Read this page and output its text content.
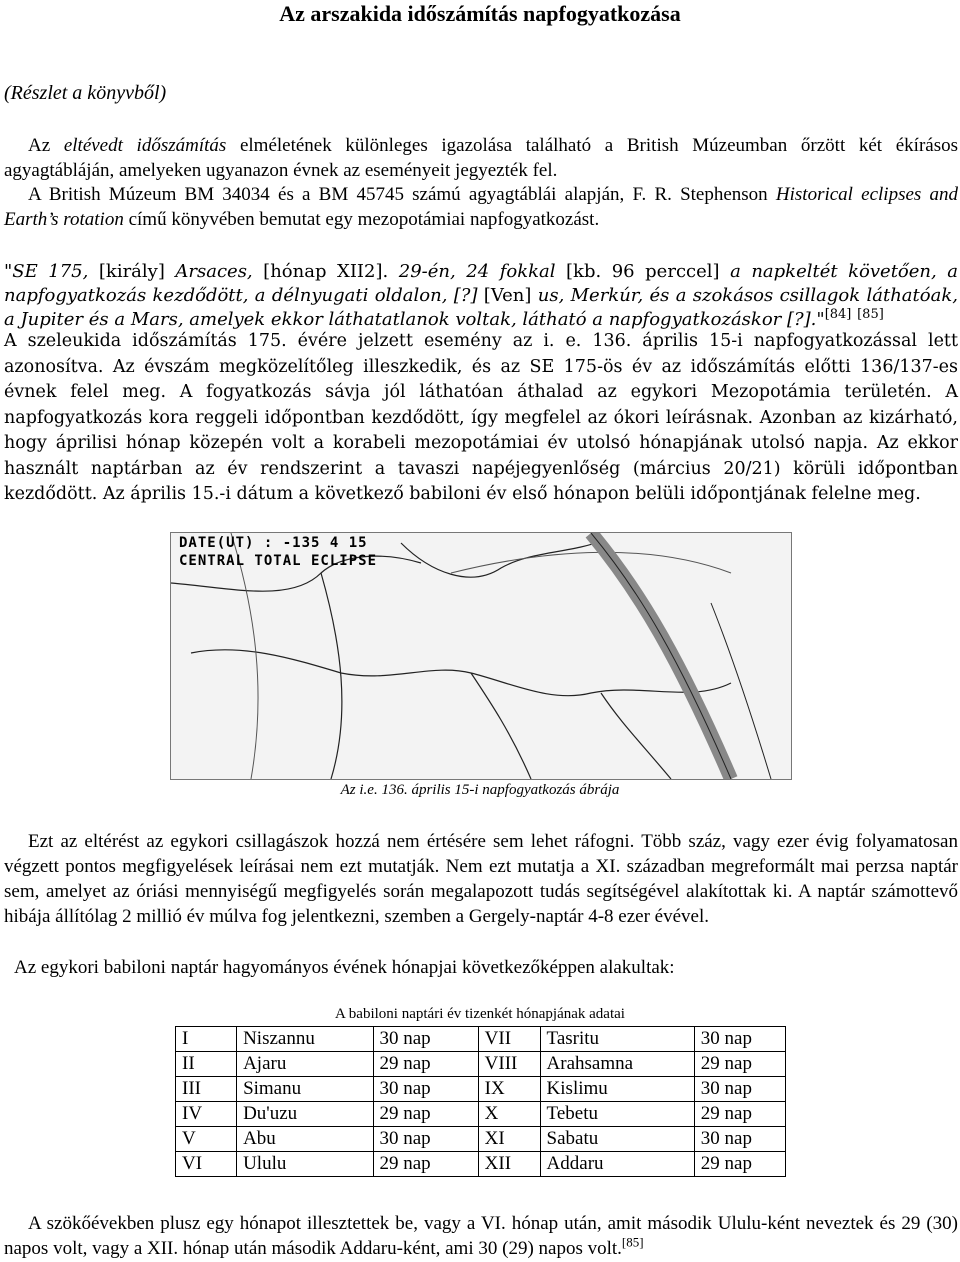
Az arszakida időszámítás napfogyatkozása
(Részlet a könyvből)

Az eltévedt időszámítás elméletének különleges igazolása található a British Múzeumban őrzött két ékírásos agyagtábláján, amelyeken ugyanazon évnek az eseményeit jegyezték fel.

A British Múzeum BM 34034 és a BM 45745 számú agyagtáblái alapján, F. R. Stephenson Historical eclipses and Earth’s rotation című könyvében bemutat egy mezopotámiai napfogyatkozást.

"SE 175, [király] Arsaces, [hónap XII2]. 29-én, 24 fokkal [kb. 96 perccel] a napkeltét követően, a napfogyatkozás kezdődött, a délnyugati oldalon, [?] [Ven] us, Merkúr, és a szokásos csillagok láthatóak, a Jupiter és a Mars, amelyek ekkor láthatatlanok voltak, látható a napfogyatkozáskor [?]."[84] [85]

A szeleukida időszámítás 175. évére jelzett esemény az i. e. 136. április 15-i napfogyatkozással lett azonosítva. Az évszám megközelítőleg illeszkedik, és az SE 175-ös év az időszámítás előtti 136/137-es évnek felel meg. A fogyatkozás sávja jól láthatóan áthalad az egykori Mezopotámia területén. A napfogyatkozás kora reggeli időpontban kezdődött, így megfelel az ókori leírásnak. Azonban az kizárható, hogy áprilisi hónap közepén volt a korabeli mezopotámiai év utolsó hónapjának utolsó napja. Az ekkor használt naptárban az év rendszerint a tavaszi napéjegyenlőség (március 20/21) körüli időpontban kezdődött. Az április 15.-i dátum a következő babiloni év első hónapon belüli időpontjának felelne meg.

DATE(UT) : -135 4 15
CENTRAL TOTAL ECLIPSE
Az i.e. 136. április 15-i napfogyatkozás ábrája

Ezt az eltérést az egykori csillagászok hozzá nem értésére sem lehet ráfogni. Több száz, vagy ezer évig folyamatosan végzett pontos megfigyelések leírásai nem ezt mutatják. Nem ezt mutatja a XI. században megreformált mai perzsa naptár sem, amelyet az óriási mennyiségű megfigyelés során megalapozott tudás segítségével alakítottak ki. A naptár számottevő hibája állítólag 2 millió év múlva fog jelentkezni, szemben a Gergely-naptár 4-8 ezer évével.

Az egykori babiloni naptár hagyományos évének hónapjai következőképpen alakultak:

A babiloni naptári év tizenkét hónapjának adatai
I	Niszannu	30 nap	VII	Tasritu	30 nap
II	Ajaru	29 nap	VIII	Arahsamna	29 nap
III	Simanu	30 nap	IX	Kislimu	30 nap
IV	Du'uzu	29 nap	X	Tebetu	29 nap
V	Abu	30 nap	XI	Sabatu	30 nap
VI	Ululu	29 nap	XII	Addaru	29 nap

A szökőévekben plusz egy hónapot illesztettek be, vagy a VI. hónap után, amit második Ululu-ként neveztek és 29 (30) napos volt, vagy a XII. hónap után második Addaru-ként, ami 30 (29) napos volt.[85]
